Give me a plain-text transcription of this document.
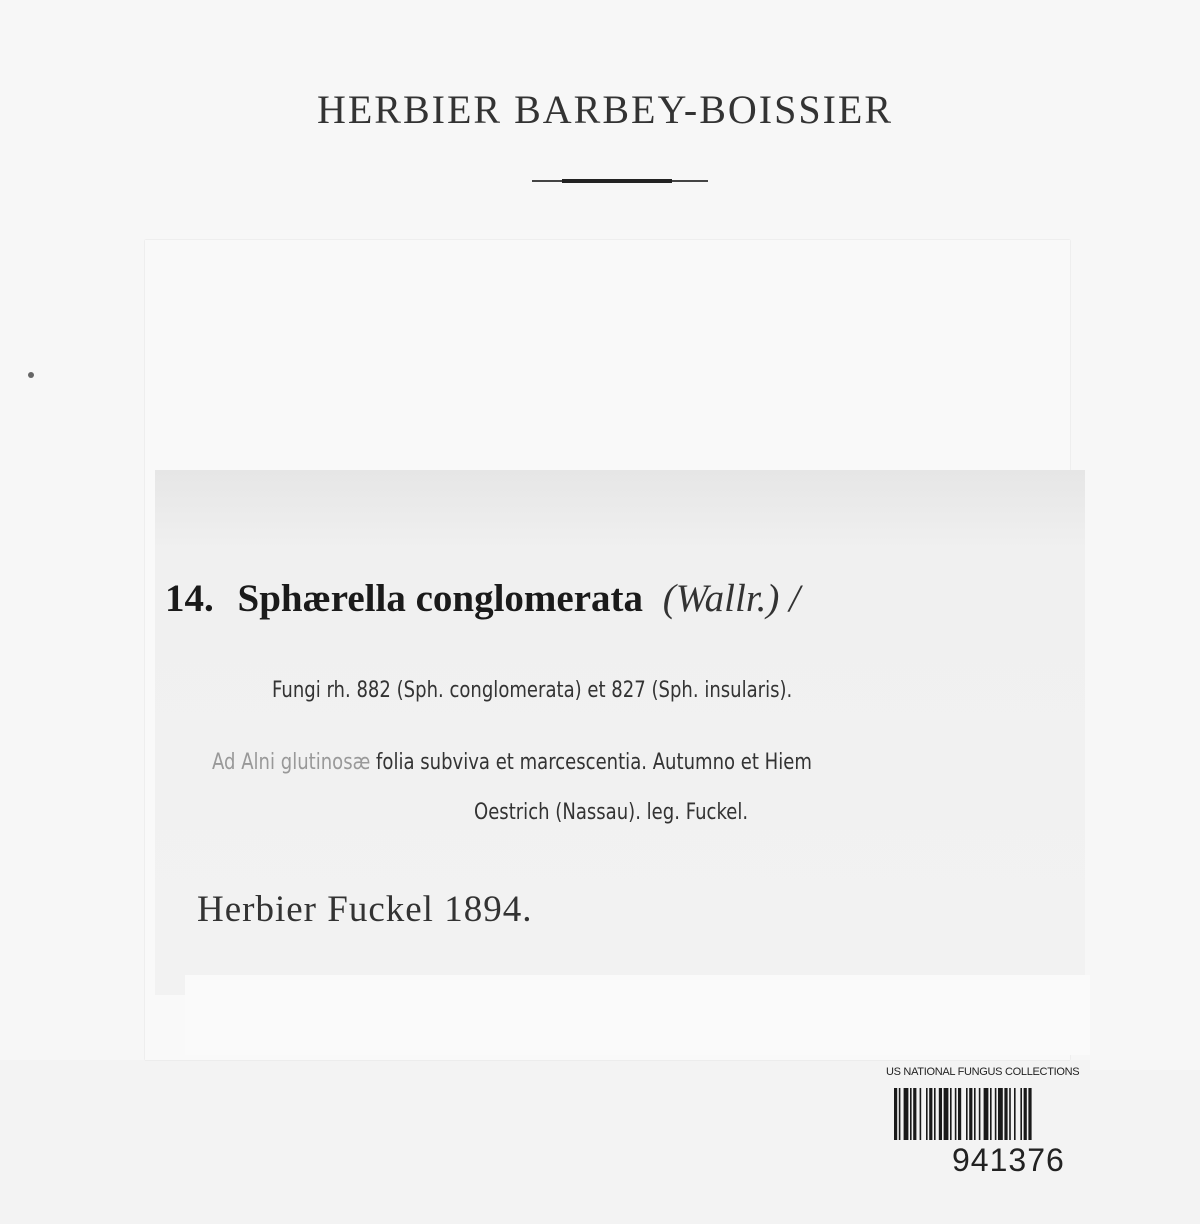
HERBIER BARBEY-BOISSIER
14. Sphærella conglomerata (Wallr.) /
Fungi rh. 882 (Sph. conglomerata) et 827 (Sph. insularis).
Ad Alni glutinosæ folia subviva et marcescentia. Autumno et Hiem
Oestrich (Nassau). leg. Fuckel.
Herbier Fuckel 1894.
US NATIONAL FUNGUS COLLECTIONS
941376
